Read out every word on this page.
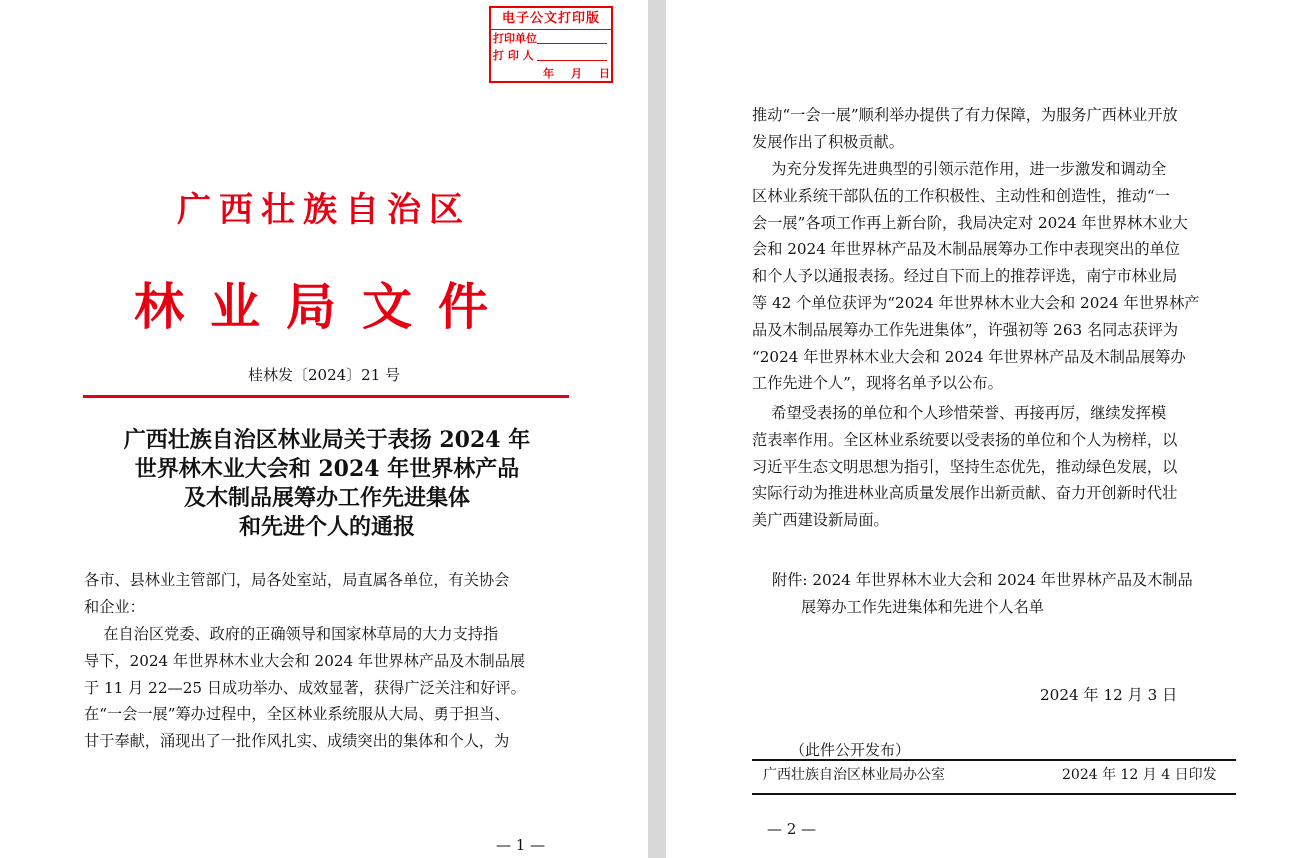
电子公文打印版
打印单位
打 印 人
年 月 日
广西壮族自治区
林业局文件
桂林发〔2024〕21 号
广西壮族自治区林业局关于表扬 2024 年
世界林木业大会和 2024 年世界林产品
及木制品展筹办工作先进集体
和先进个人的通报
各市、县林业主管部门，局各处室站，局直属各单位，有关协会
和企业：
在自治区党委、政府的正确领导和国家林草局的大力支持指
导下，2024 年世界林木业大会和 2024 年世界林产品及木制品展
于 11 月 22—25 日成功举办、成效显著，获得广泛关注和好评。
在“一会一展”筹办过程中，全区林业系统服从大局、勇于担当、
甘于奉献，涌现出了一批作风扎实、成绩突出的集体和个人，为
— 1 —
推动“一会一展”顺利举办提供了有力保障，为服务广西林业开放
发展作出了积极贡献。
为充分发挥先进典型的引领示范作用，进一步激发和调动全
区林业系统干部队伍的工作积极性、主动性和创造性，推动“一
会一展”各项工作再上新台阶，我局决定对 2024 年世界林木业大
会和 2024 年世界林产品及木制品展筹办工作中表现突出的单位
和个人予以通报表扬。经过自下而上的推荐评选，南宁市林业局
等 42 个单位获评为“2024 年世界林木业大会和 2024 年世界林产
品及木制品展筹办工作先进集体”，许强初等 263 名同志获评为
“2024 年世界林木业大会和 2024 年世界林产品及木制品展筹办
工作先进个人”，现将名单予以公布。
希望受表扬的单位和个人珍惜荣誉、再接再厉，继续发挥模
范表率作用。全区林业系统要以受表扬的单位和个人为榜样，以
习近平生态文明思想为指引，坚持生态优先，推动绿色发展，以
实际行动为推进林业高质量发展作出新贡献、奋力开创新时代壮
美广西建设新局面。
附件: 2024 年世界林木业大会和 2024 年世界林产品及木制品
展筹办工作先进集体和先进个人名单
2024 年 12 月 3 日
（此件公开发布）
广西壮族自治区林业局办公室	2024 年 12 月 4 日印发
— 2 —
